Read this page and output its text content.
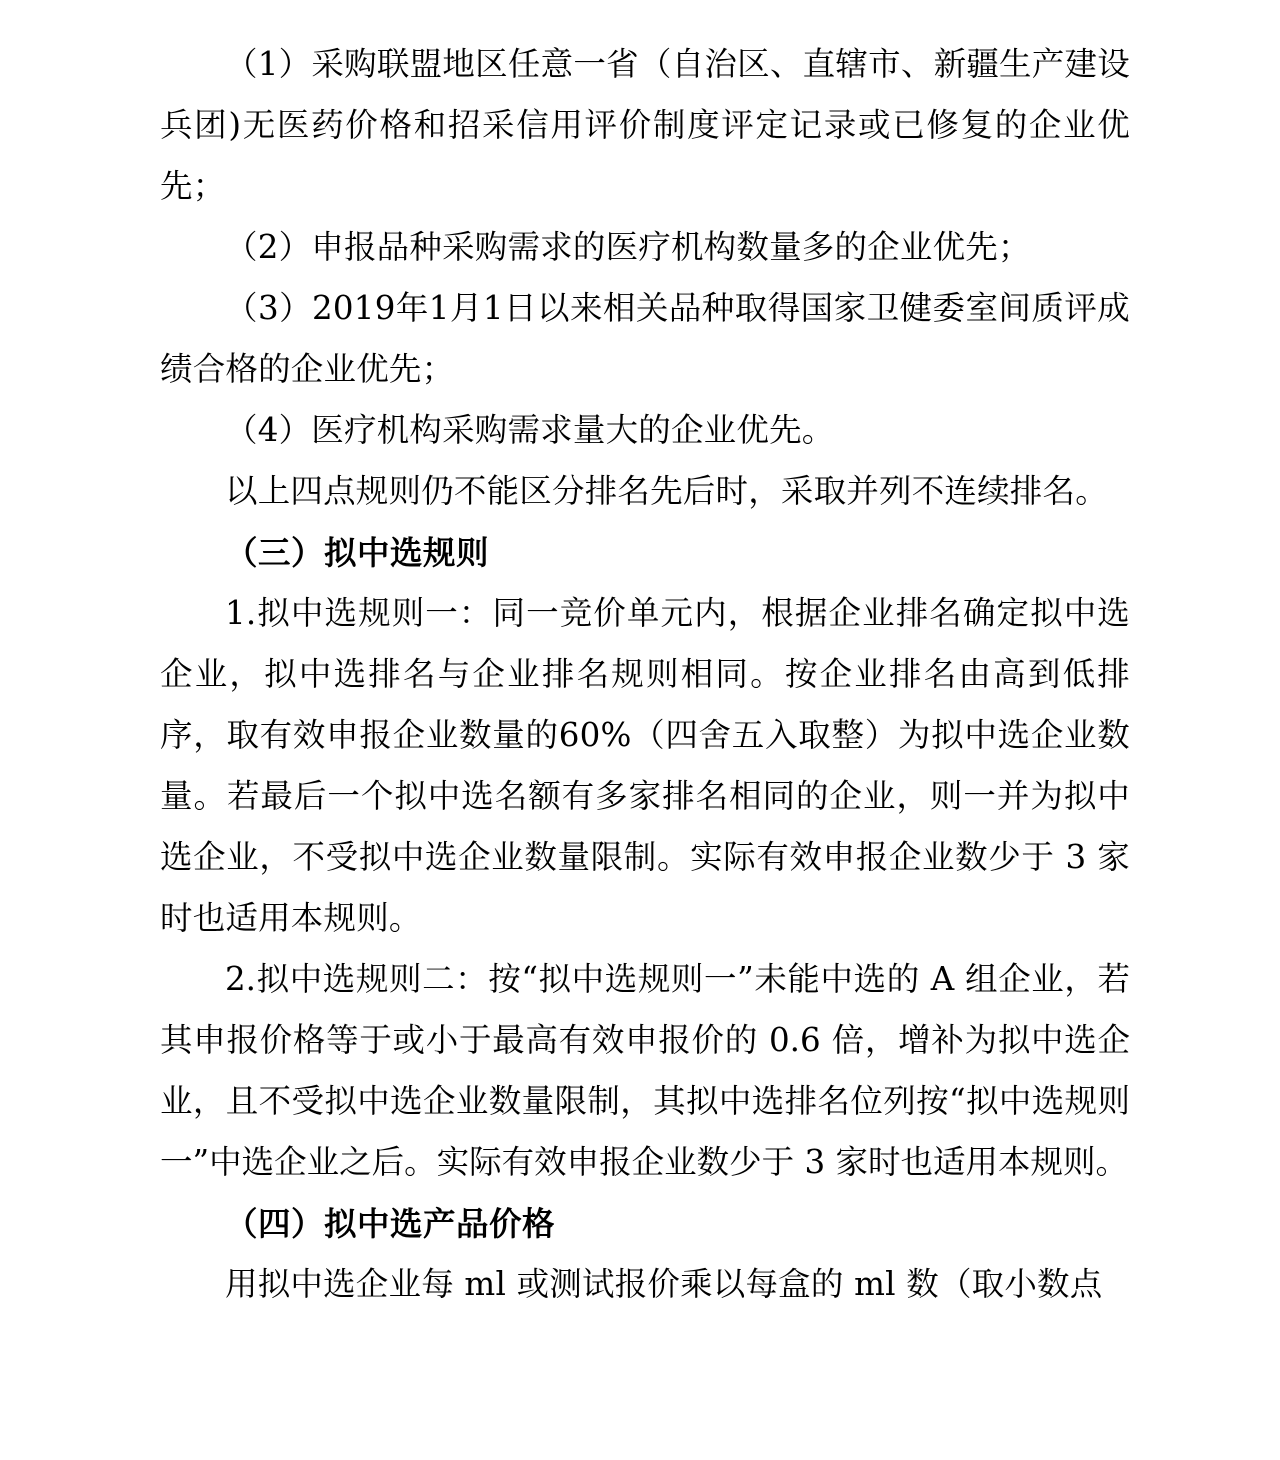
（1）采购联盟地区任意一省（自治区、直辖市、新疆生产建设兵团)无医药价格和招采信用评价制度评定记录或已修复的企业优先；

（2）申报品种采购需求的医疗机构数量多的企业优先；

（3）2019年1月1日以来相关品种取得国家卫健委室间质评成绩合格的企业优先；

（4）医疗机构采购需求量大的企业优先。

以上四点规则仍不能区分排名先后时，采取并列不连续排名。

（三）拟中选规则

1.拟中选规则一：同一竞价单元内，根据企业排名确定拟中选企业，拟中选排名与企业排名规则相同。按企业排名由高到低排序，取有效申报企业数量的60%（四舍五入取整）为拟中选企业数量。若最后一个拟中选名额有多家排名相同的企业，则一并为拟中选企业，不受拟中选企业数量限制。实际有效申报企业数少于 3 家时也适用本规则。

2.拟中选规则二：按“拟中选规则一”未能中选的 A 组企业，若其申报价格等于或小于最高有效申报价的 0.6 倍，增补为拟中选企业，且不受拟中选企业数量限制，其拟中选排名位列按“拟中选规则一”中选企业之后。实际有效申报企业数少于 3 家时也适用本规则。

（四）拟中选产品价格

用拟中选企业每 ml 或测试报价乘以每盒的 ml 数（取小数点
